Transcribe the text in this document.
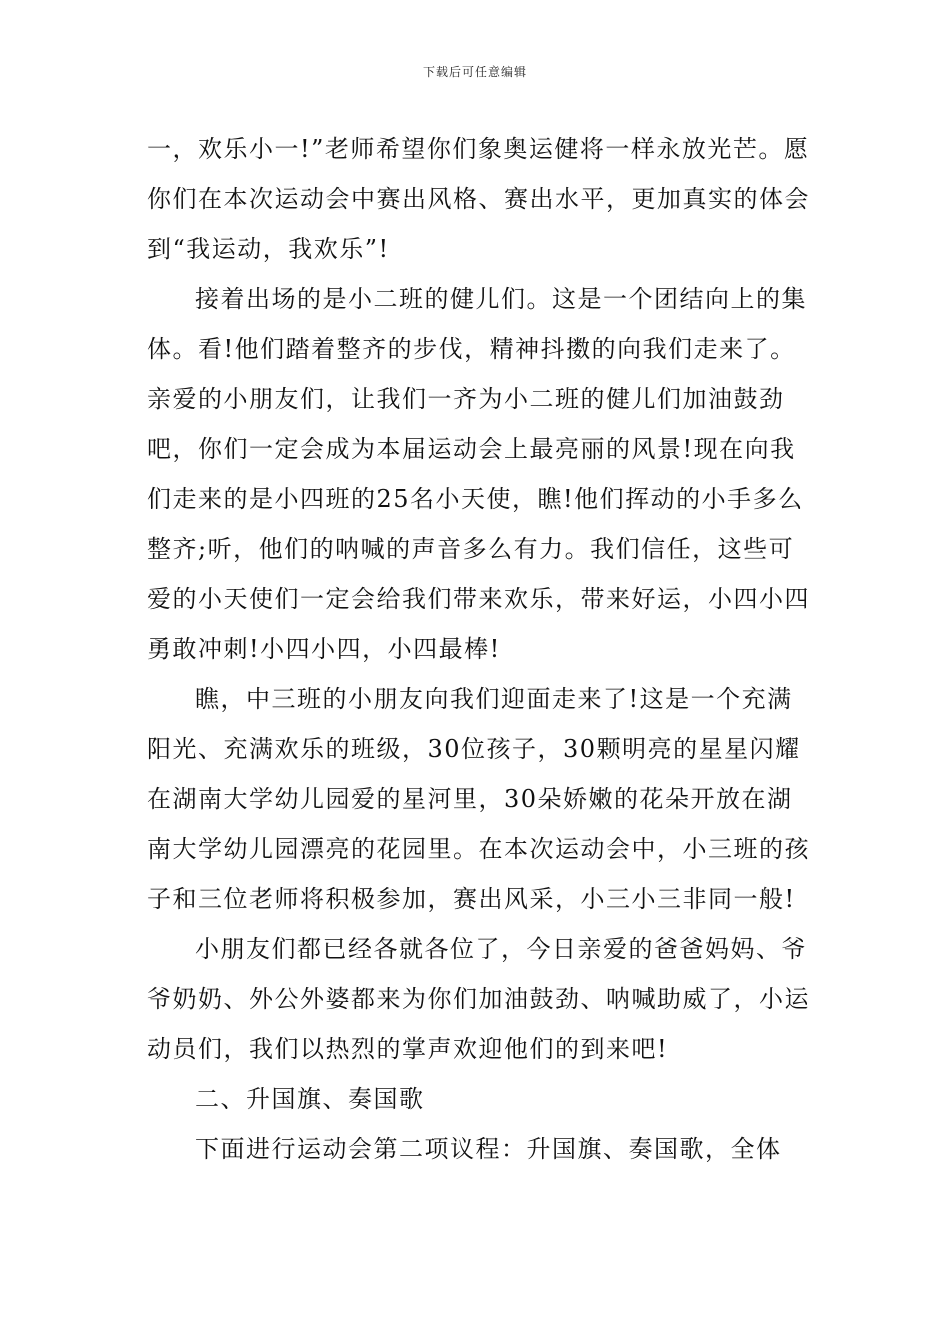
下载后可任意编辑

一，欢乐小一!”老师希望你们象奥运健将一样永放光芒。愿你们在本次运动会中赛出风格、赛出水平，更加真实的体会到“我运动，我欢乐”!

接着出场的是小二班的健儿们。这是一个团结向上的集体。看!他们踏着整齐的步伐，精神抖擞的向我们走来了。亲爱的小朋友们，让我们一齐为小二班的健儿们加油鼓劲吧，你们一定会成为本届运动会上最亮丽的风景!现在向我们走来的是小四班的25名小天使，瞧!他们挥动的小手多么整齐;听，他们的呐喊的声音多么有力。我们信任，这些可爱的小天使们一定会给我们带来欢乐，带来好运，小四小四勇敢冲刺!小四小四，小四最棒!

瞧，中三班的小朋友向我们迎面走来了!这是一个充满阳光、充满欢乐的班级，30位孩子，30颗明亮的星星闪耀在湖南大学幼儿园爱的星河里，30朵娇嫩的花朵开放在湖南大学幼儿园漂亮的花园里。在本次运动会中，小三班的孩子和三位老师将积极参加，赛出风采，小三小三非同一般!

小朋友们都已经各就各位了，今日亲爱的爸爸妈妈、爷爷奶奶、外公外婆都来为你们加油鼓劲、呐喊助威了，小运动员们，我们以热烈的掌声欢迎他们的到来吧!

二、升国旗、奏国歌

下面进行运动会第二项议程：升国旗、奏国歌，全体
